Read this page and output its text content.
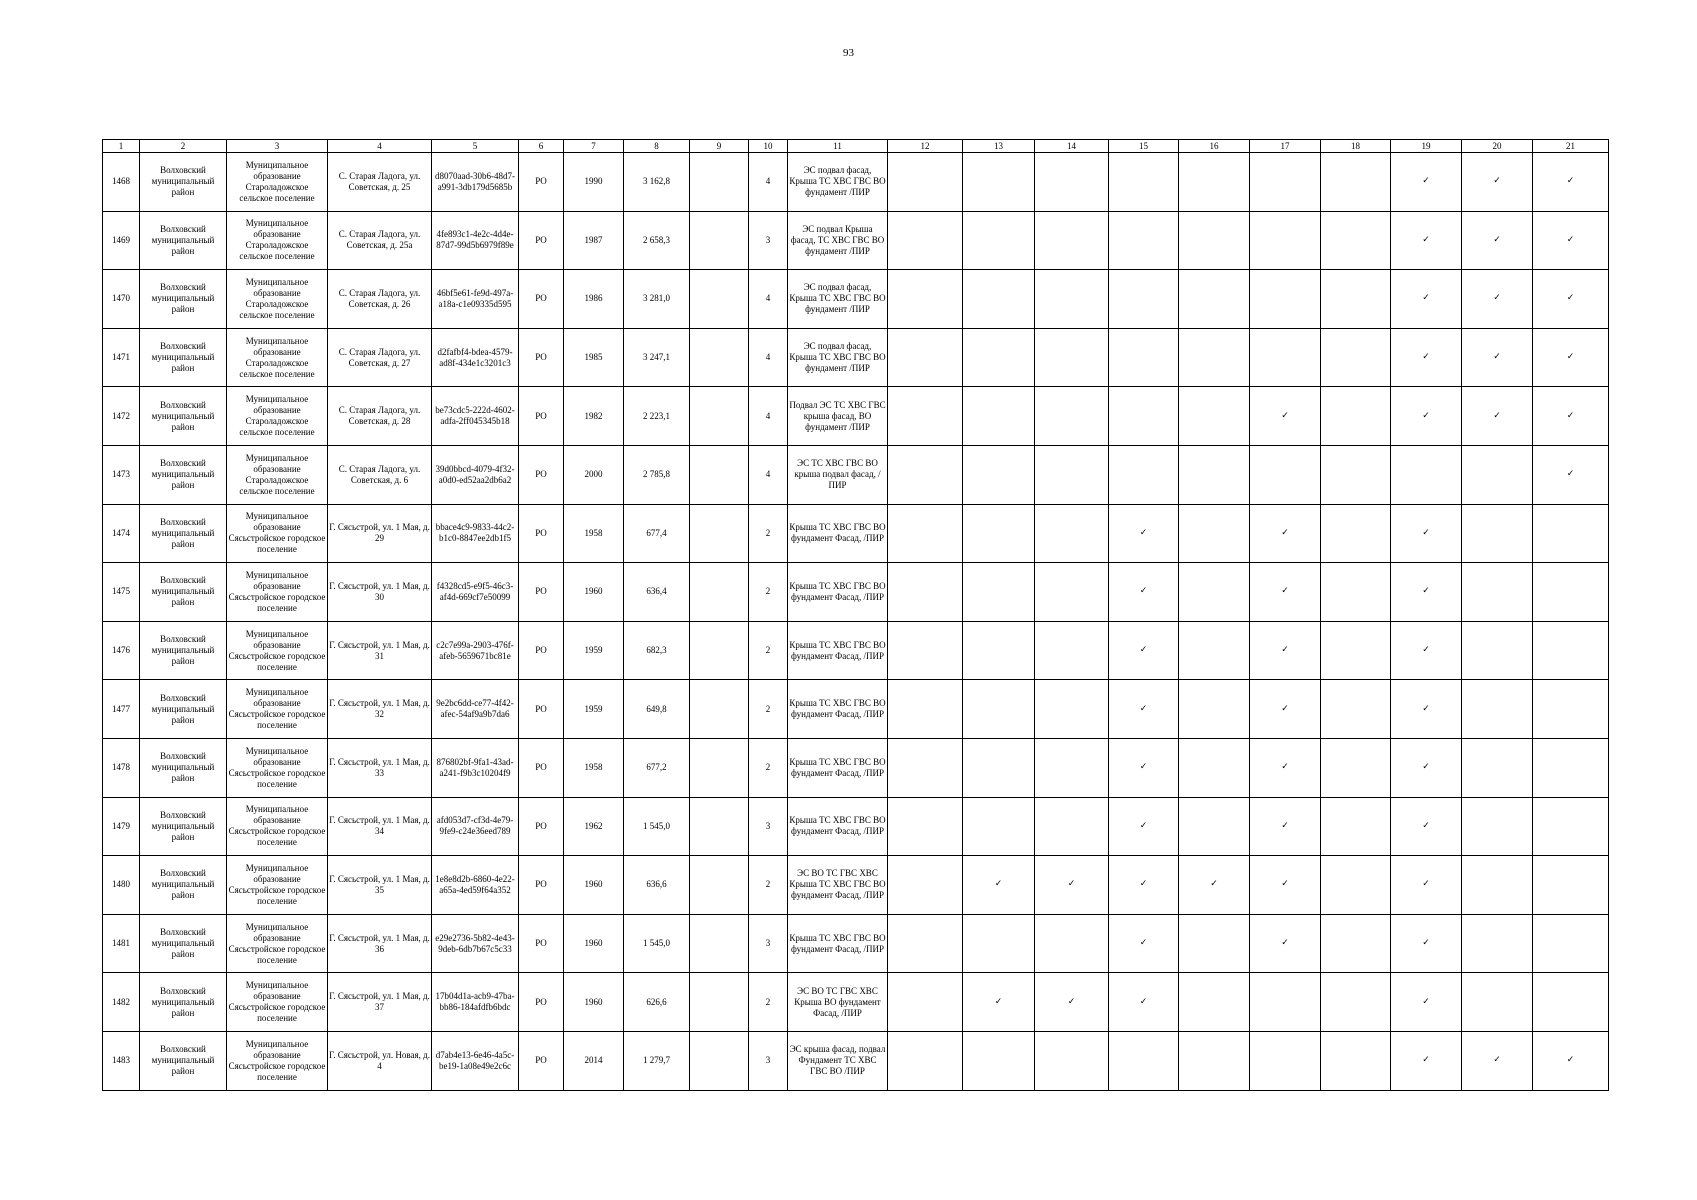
93
1	2	3	4	5	6	7	8	9	10	11	12	13	14	15	16	17	18	19	20	21
1468	Волховский муниципальный район	Муниципальное образование Староладожское сельское поселение	С. Старая Ладога, ул. Советская, д. 25	d8070aad-30b6-48d7-a991-3db179d5685b	РО	1990	3 162,8		4	ЭС подвал фасад, Крыша ТС ХВС ГВС ВО фундамент /ПИР								✓	✓	✓
1469	Волховский муниципальный район	Муниципальное образование Староладожское сельское поселение	С. Старая Ладога, ул. Советская, д. 25а	4fe893c1-4e2c-4d4e-87d7-99d5b6979f89e	РО	1987	2 658,3		3	ЭС подвал Крыша фасад, ТС ХВС ГВС ВО фундамент /ПИР								✓	✓	✓
1470	Волховский муниципальный район	Муниципальное образование Староладожское сельское поселение	С. Старая Ладога, ул. Советская, д. 26	46bf5e61-fe9d-497a-a18a-c1e09335d595	РО	1986	3 281,0		4	ЭС подвал фасад, Крыша ТС ХВС ГВС ВО фундамент /ПИР								✓	✓	✓
1471	Волховский муниципальный район	Муниципальное образование Староладожское сельское поселение	С. Старая Ладога, ул. Советская, д. 27	d2fafbf4-bdea-4579-ad8f-434e1c3201c3	РО	1985	3 247,1		4	ЭС подвал фасад, Крыша ТС ХВС ГВС ВО фундамент /ПИР								✓	✓	✓
1472	Волховский муниципальный район	Муниципальное образование Староладожское сельское поселение	С. Старая Ладога, ул. Советская, д. 28	be73cdc5-222d-4602-adfa-2ff045345b18	РО	1982	2 223,1		4	Подвал ЭС ТС ХВС ГВС крыша фасад, ВО фундамент /ПИР						✓		✓	✓	✓
1473	Волховский муниципальный район	Муниципальное образование Староладожское сельское поселение	С. Старая Ладога, ул. Советская, д. 6	39d0bbcd-4079-4f32-a0d0-ed52aa2db6a2	РО	2000	2 785,8		4	ЭС ТС ХВС ГВС ВО крыша подвал фасад, /ПИР										✓
1474	Волховский муниципальный район	Муниципальное образование Сясьстройское городское поселение	Г. Сясьстрой, ул. 1 Мая, д. 29	bbace4c9-9833-44c2-b1c0-8847ee2db1f5	РО	1958	677,4		2	Крыша ТС ХВС ГВС ВО фундамент Фасад, /ПИР				✓		✓		✓		
1475	Волховский муниципальный район	Муниципальное образование Сясьстройское городское поселение	Г. Сясьстрой, ул. 1 Мая, д. 30	f4328cd5-e9f5-46c3-af4d-669cf7e50099	РО	1960	636,4		2	Крыша ТС ХВС ГВС ВО фундамент Фасад, /ПИР				✓		✓		✓		
1476	Волховский муниципальный район	Муниципальное образование Сясьстройское городское поселение	Г. Сясьстрой, ул. 1 Мая, д. 31	c2c7e99a-2903-476f-afeb-5659671bc81e	РО	1959	682,3		2	Крыша ТС ХВС ГВС ВО фундамент Фасад, /ПИР				✓		✓		✓		
1477	Волховский муниципальный район	Муниципальное образование Сясьстройское городское поселение	Г. Сясьстрой, ул. 1 Мая, д. 32	9e2bc6dd-ce77-4f42-afec-54af9a9b7da6	РО	1959	649,8		2	Крыша ТС ХВС ГВС ВО фундамент Фасад, /ПИР				✓		✓		✓		
1478	Волховский муниципальный район	Муниципальное образование Сясьстройское городское поселение	Г. Сясьстрой, ул. 1 Мая, д. 33	876802bf-9fa1-43ad-a241-f9b3c10204f9	РО	1958	677,2		2	Крыша ТС ХВС ГВС ВО фундамент Фасад, /ПИР				✓		✓		✓		
1479	Волховский муниципальный район	Муниципальное образование Сясьстройское городское поселение	Г. Сясьстрой, ул. 1 Мая, д. 34	afd053d7-cf3d-4e79-9fe9-c24e36eed789	РО	1962	1 545,0		3	Крыша ТС ХВС ГВС ВО фундамент Фасад, /ПИР				✓		✓		✓		
1480	Волховский муниципальный район	Муниципальное образование Сясьстройское городское поселение	Г. Сясьстрой, ул. 1 Мая, д. 35	1e8e8d2b-6860-4e22-a65a-4ed59f64a352	РО	1960	636,6		2	ЭС ВО ТС ГВС ХВС Крыша ТС ХВС ГВС ВО фундамент Фасад, /ПИР		✓	✓	✓	✓	✓		✓		
1481	Волховский муниципальный район	Муниципальное образование Сясьстройское городское поселение	Г. Сясьстрой, ул. 1 Мая, д. 36	e29e2736-5b82-4e43-9deb-6db7b67c5c33	РО	1960	1 545,0		3	Крыша ТС ХВС ГВС ВО фундамент Фасад, /ПИР				✓		✓		✓		
1482	Волховский муниципальный район	Муниципальное образование Сясьстройское городское поселение	Г. Сясьстрой, ул. 1 Мая, д. 37	17b04d1a-acb9-47ba-bb86-184afdfb6bdc	РО	1960	626,6		2	ЭС ВО ТС ГВС ХВС Крыша ВО фундамент Фасад, /ПИР		✓	✓	✓				✓		
1483	Волховский муниципальный район	Муниципальное образование Сясьстройское городское поселение	Г. Сясьстрой, ул. Новая, д. 4	d7ab4e13-6e46-4a5c-be19-1a08e49e2c6c	РО	2014	1 279,7		3	ЭС крыша фасад, подвал Фундамент ТС ХВС ГВС ВО /ПИР								✓	✓	✓
